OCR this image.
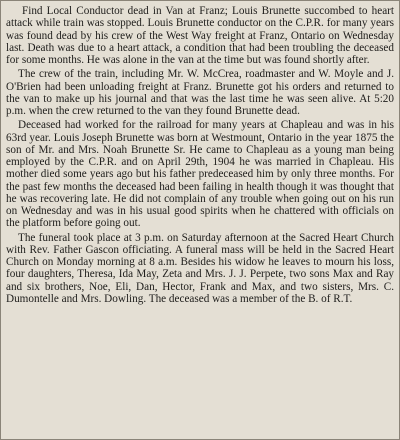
Find Local Conductor dead in Van at Franz; Louis Brunette succombed to heart attack while train was stopped. Louis Brunette conductor on the C.P.R. for many years was found dead by his crew of the West Way freight at Franz, Ontario on Wednesday last. Death was due to a heart attack, a condition that had been troubling the deceased for some months. He was alone in the van at the time but was found shortly after.

The crew of the train, including Mr. W. McCrea, roadmaster and W. Moyle and J. O'Brien had been unloading freight at Franz. Brunette got his orders and returned to the van to make up his journal and that was the last time he was seen alive. At 5:20 p.m. when the crew returned to the van they found Brunette dead.

Deceased had worked for the railroad for many years at Chapleau and was in his 63rd year. Louis Joseph Brunette was born at Westmount, Ontario in the year 1875 the son of Mr. and Mrs. Noah Brunette Sr. He came to Chapleau as a young man being employed by the C.P.R. and on April 29th, 1904 he was married in Chapleau. His mother died some years ago but his father predeceased him by only three months. For the past few months the deceased had been failing in health though it was thought that he was recovering late. He did not complain of any trouble when going out on his run on Wednesday and was in his usual good spirits when he chattered with officials on the platform before going out.

The funeral took place at 3 p.m. on Saturday afternoon at the Sacred Heart Church with Rev. Father Gascon officiating. A funeral mass will be held in the Sacred Heart Church on Monday morning at 8 a.m. Besides his widow he leaves to mourn his loss, four daughters, Theresa, Ida May, Zeta and Mrs. J. J. Perpete, two sons Max and Ray and six brothers, Noe, Eli, Dan, Hector, Frank and Max, and two sisters, Mrs. C. Dumontelle and Mrs. Dowling. The deceased was a member of the B. of R.T.
